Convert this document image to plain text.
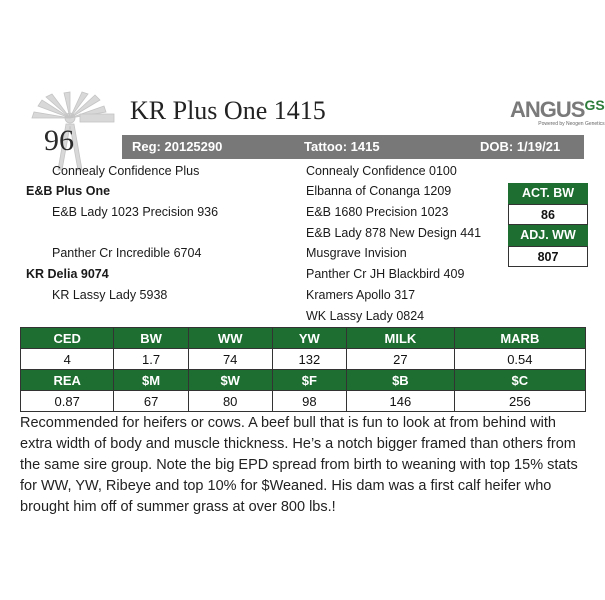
96
KR Plus One 1415	ANGUSGS
Powered by Neogen Genetics
Reg: 20125290	Tattoo: 1415	DOB: 1/19/21
Connealy Confidence Plus
E&B Plus One
E&B Lady 1023 Precision 936
Panther Cr Incredible 6704
KR Delia 9074
KR Lassy Lady 5938
Connealy Confidence 0100
Elbanna of Conanga 1209
E&B 1680 Precision 1023
E&B Lady 878 New Design 441
Musgrave Invision
Panther Cr JH Blackbird 409
Kramers Apollo 317
WK Lassy Lady 0824
ACT. BW
86
ADJ. WW
807
CED	BW	WW	YW	MILK	MARB
4	1.7	74	132	27	0.54
REA	$M	$W	$F	$B	$C
0.87	67	80	98	146	256
Recommended for heifers or cows. A beef bull that is fun to look at from behind with extra width of body and muscle thickness. He’s a notch bigger framed than others from the same sire group. Note the big EPD spread from birth to weaning with top 15% stats for WW, YW, Ribeye and top 10% for $Weaned. His dam was a first calf heifer who brought him off of summer grass at over 800 lbs.!
